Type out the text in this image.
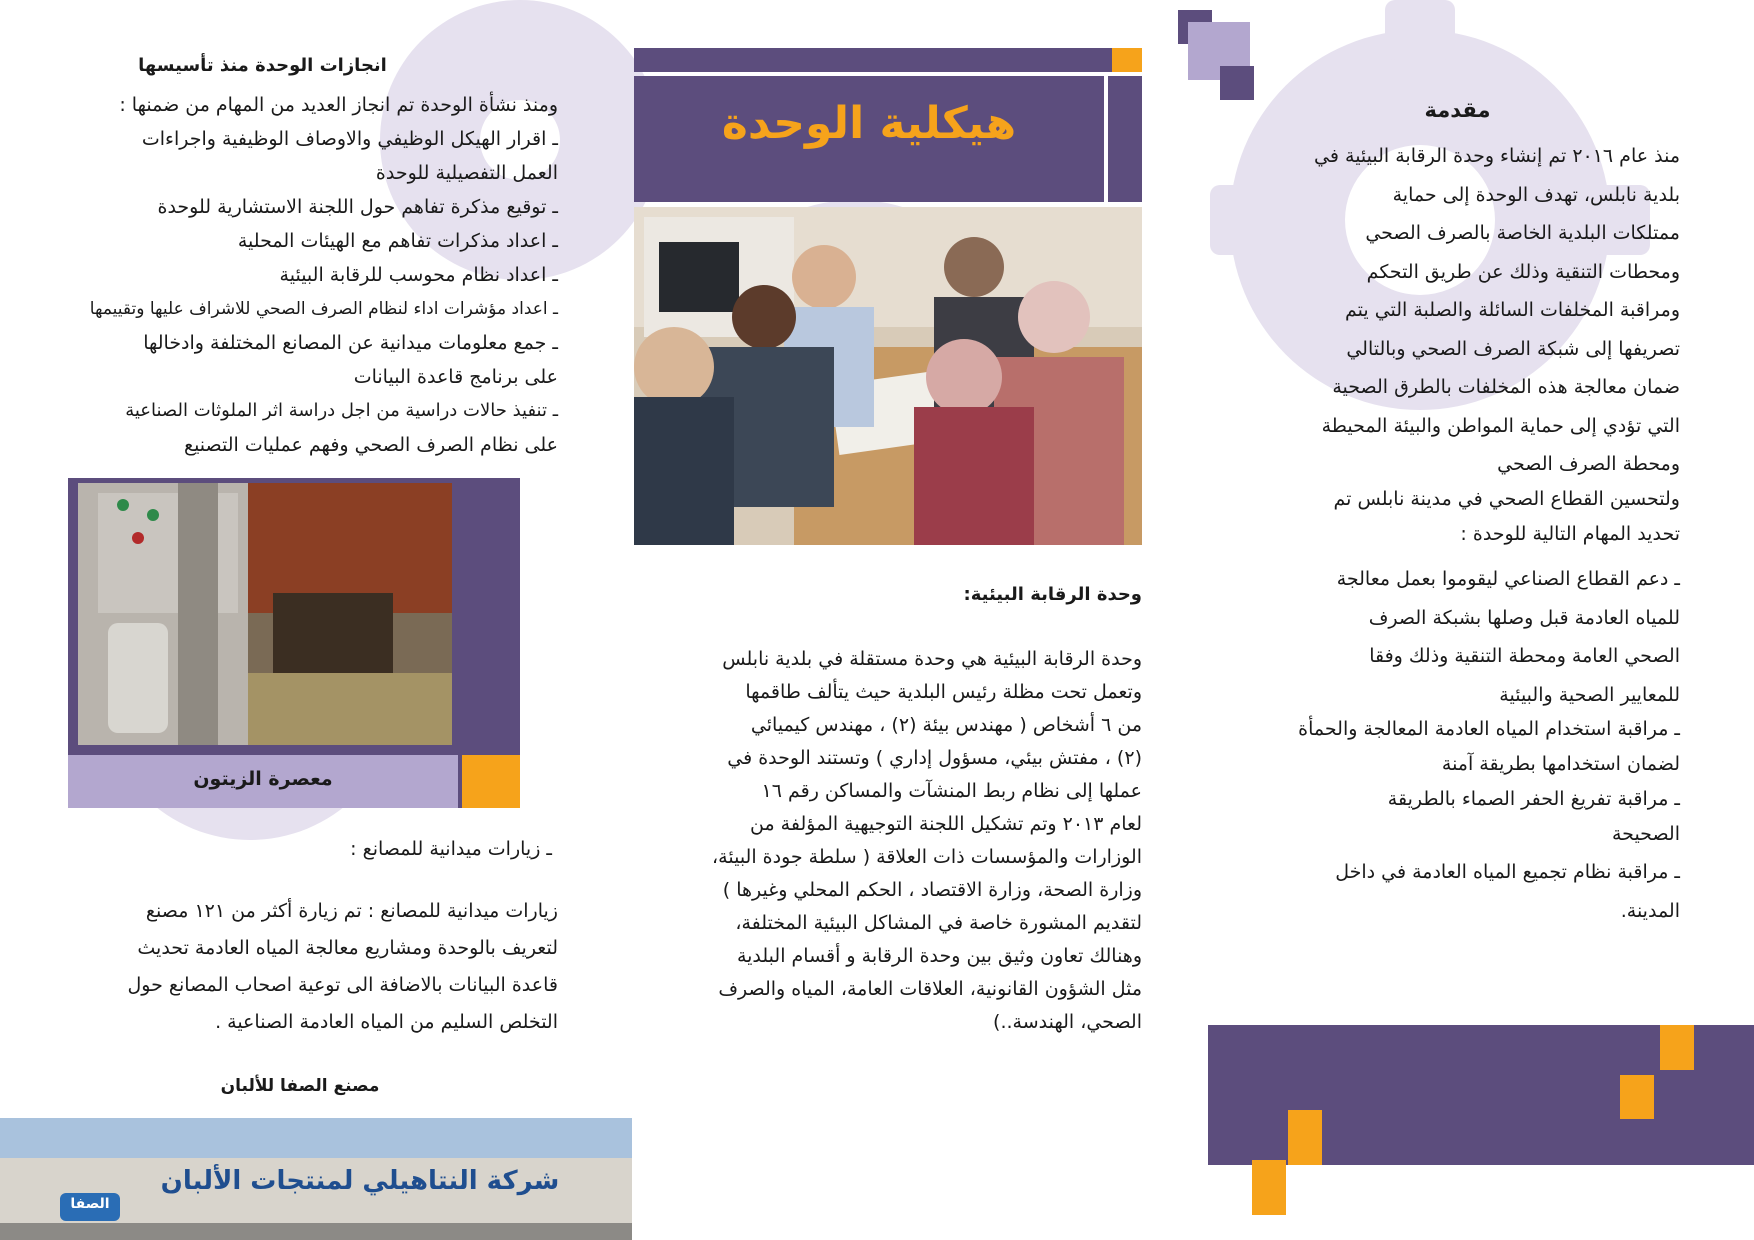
مقدمة

منذ عام ٢٠١٦ تم إنشاء وحدة الرقابة البيئية في

بلدية نابلس، تهدف الوحدة إلى حماية

ممتلكات البلدية الخاصة بالصرف الصحي

ومحطات التنقية وذلك عن طريق التحكم

ومراقبة المخلفات السائلة والصلبة التي يتم

تصريفها إلى شبكة الصرف الصحي وبالتالي

ضمان معالجة هذه المخلفات بالطرق الصحية

التي تؤدي إلى حماية المواطن والبيئة المحيطة

ومحطة الصرف الصحي

ولتحسين القطاع الصحي في مدينة نابلس تم

تحديد المهام التالية للوحدة :

ـ دعم القطاع الصناعي ليقوموا بعمل معالجة

للمياه العادمة قبل وصلها بشبكة الصرف

الصحي العامة ومحطة التنقية وذلك وفقا

للمعايير الصحية والبيئية

ـ مراقبة استخدام المياه العادمة المعالجة والحمأة

لضمان استخدامها بطريقة آمنة

ـ مراقبة تفريغ الحفر الصماء بالطريقة

الصحيحة

ـ مراقبة نظام تجميع المياه العادمة في داخل

المدينة.

هيكلية الوحدة
وحدة الرقابة البيئية:

وحدة الرقابة البيئية هي وحدة مستقلة في بلدية نابلس

وتعمل تحت مظلة رئيس البلدية حيث يتألف طاقمها

من ٦ أشخاص ( مهندس بيئة (٢) ، مهندس كيميائي

(٢) ، مفتش بيئي، مسؤول إداري ) وتستند الوحدة في

عملها إلى نظام ربط المنشآت والمساكن رقم ١٦

لعام ٢٠١٣ وتم تشكيل اللجنة التوجيهية المؤلفة من

الوزارات والمؤسسات ذات العلاقة ( سلطة جودة البيئة،

وزارة الصحة، وزارة الاقتصاد ، الحكم المحلي وغيرها )

لتقديم المشورة خاصة في المشاكل البيئية المختلفة،

وهنالك تعاون وثيق بين وحدة الرقابة و أقسام البلدية

مثل الشؤون القانونية، العلاقات العامة، المياه والصرف

الصحي، الهندسة..)

انجازات الوحدة منذ تأسيسها

ومنذ نشأة الوحدة تم انجاز العديد من المهام من ضمنها :

ـ اقرار الهيكل الوظيفي والاوصاف الوظيفية واجراءات

العمل التفصيلية للوحدة

ـ توقيع مذكرة تفاهم حول اللجنة الاستشارية للوحدة

ـ اعداد مذكرات تفاهم مع الهيئات المحلية

ـ اعداد نظام محوسب للرقابة البيئية

ـ اعداد مؤشرات اداء لنظام الصرف الصحي للاشراف عليها وتقييمها

ـ جمع معلومات ميدانية عن المصانع المختلفة وادخالها

على برنامج قاعدة البيانات

ـ تنفيذ حالات دراسية من اجل دراسة اثر الملوثات الصناعية

على نظام الصرف الصحي وفهم عمليات التصنيع

معصرة الزيتون

ـ زيارات ميدانية للمصانع :

زيارات ميدانية للمصانع : تم زيارة أكثر من ١٢١ مصنع

لتعريف بالوحدة ومشاريع معالجة المياه العادمة تحديث

قاعدة البيانات بالاضافة الى توعية اصحاب المصانع حول

التخلص السليم من المياه العادمة الصناعية .

مصنع الصفا للألبان
شركة النتاهيلي لمنتجات الألبان
الصفا
